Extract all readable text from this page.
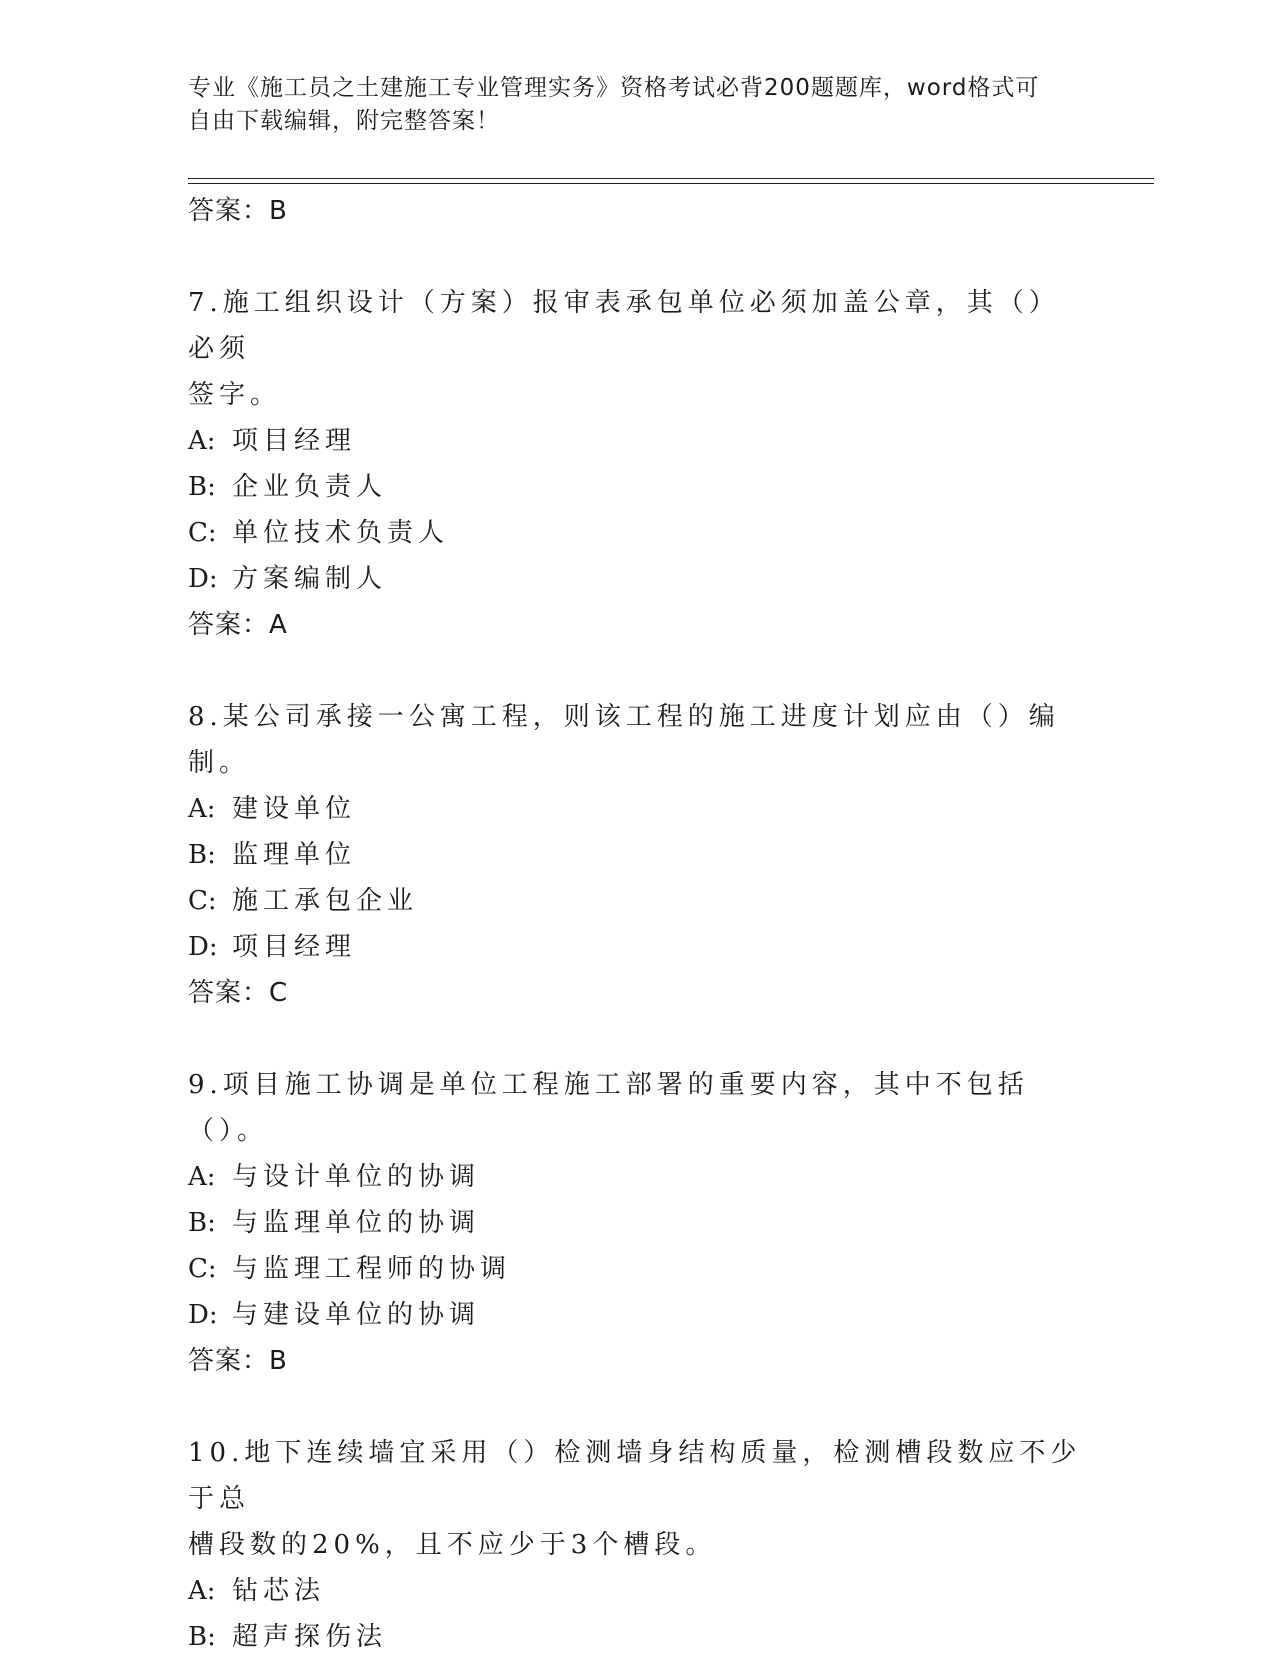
专业《施工员之土建施工专业管理实务》资格考试必背200题题库，word格式可
自由下载编辑，附完整答案！
答案：B
7.施工组织设计（方案）报审表承包单位必须加盖公章，其（）必须
签字。
A: 项目经理
B: 企业负责人
C: 单位技术负责人
D: 方案编制人
答案：A
8.某公司承接一公寓工程，则该工程的施工进度计划应由（）编制。
A: 建设单位
B: 监理单位
C: 施工承包企业
D: 项目经理
答案：C
9.项目施工协调是单位工程施工部署的重要内容，其中不包括（）。
A: 与设计单位的协调
B: 与监理单位的协调
C: 与监理工程师的协调
D: 与建设单位的协调
答案：B
10.地下连续墙宜采用（）检测墙身结构质量，检测槽段数应不少于总
槽段数的20%，且不应少于3个槽段。
A: 钻芯法
B: 超声探伤法
